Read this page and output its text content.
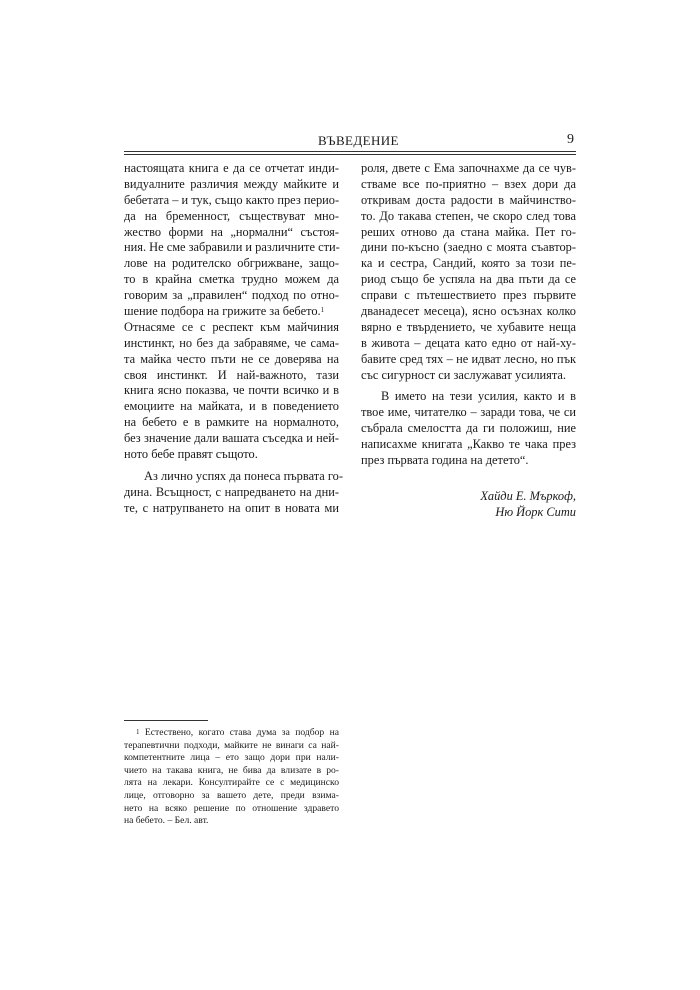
ВЪВЕДЕНИЕ	9
настоящата книга е да се отчетат инди-
видуалните различия между майките и
бебетата – и тук, също както през перио-
да на бременност, съществуват мно-
жество форми на „нормални“ състоя-
ния. Не сме забравили и различните сти-
лове на родителско обгрижване, защо-
то в крайна сметка трудно можем да
говорим за „правилен“ подход по отно-
шение подбора на грижите за бебето.$^1$
Отнасяме се с респект към майчиния
инстинкт, но без да забравяме, че сама-
та майка често пъти не се доверява на
своя инстинкт. И най-важното, тази
книга ясно показва, че почти всичко и в
емоциите на майката, и в поведението
на бебето е в рамките на нормалното,
без значение дали вашата съседка и ней-
ното бебе правят същото.
Аз лично успях да понеса първата го-
дина. Всъщност, с напредването на дни-
те, с натрупването на опит в новата ми
роля, двете с Ема започнахме да се чув-
стваме все по-приятно – взех дори да
откривам доста радости в майчинство-
то. До такава степен, че скоро след това
реших отново да стана майка. Пет го-
дини по-късно (заедно с моята съавтор-
ка и сестра, Сандий, която за този пе-
риод също бе успяла на два пъти да се
справи с пътешествието през първите
дванадесет месеца), ясно осъзнах колко
вярно е твърдението, че хубавите неща
в живота – децата като едно от най-ху-
бавите сред тях – не идват лесно, но пък
със сигурност си заслужават усилията.
В името на тези усилия, както и в
твое име, читателко – заради това, че си
събрала смелостта да ги положиш, ние
написахме книгата „Какво те чака през
през първата година на детето“.
Хайди Е. Мъркоф,
Ню Йорк Сити
$^1$ Естествено, когато става дума за подбор на
терапевтични подходи, майките не винаги са най-
компетентните лица – ето защо дори при нали-
чието на такава книга, не бива да влизате в ро-
лята на лекари. Консултирайте се с медицинско
лице, отговорно за вашето дете, преди взима-
нето на всяко решение по отношение здравето
на бебето. – Бел. авт.
